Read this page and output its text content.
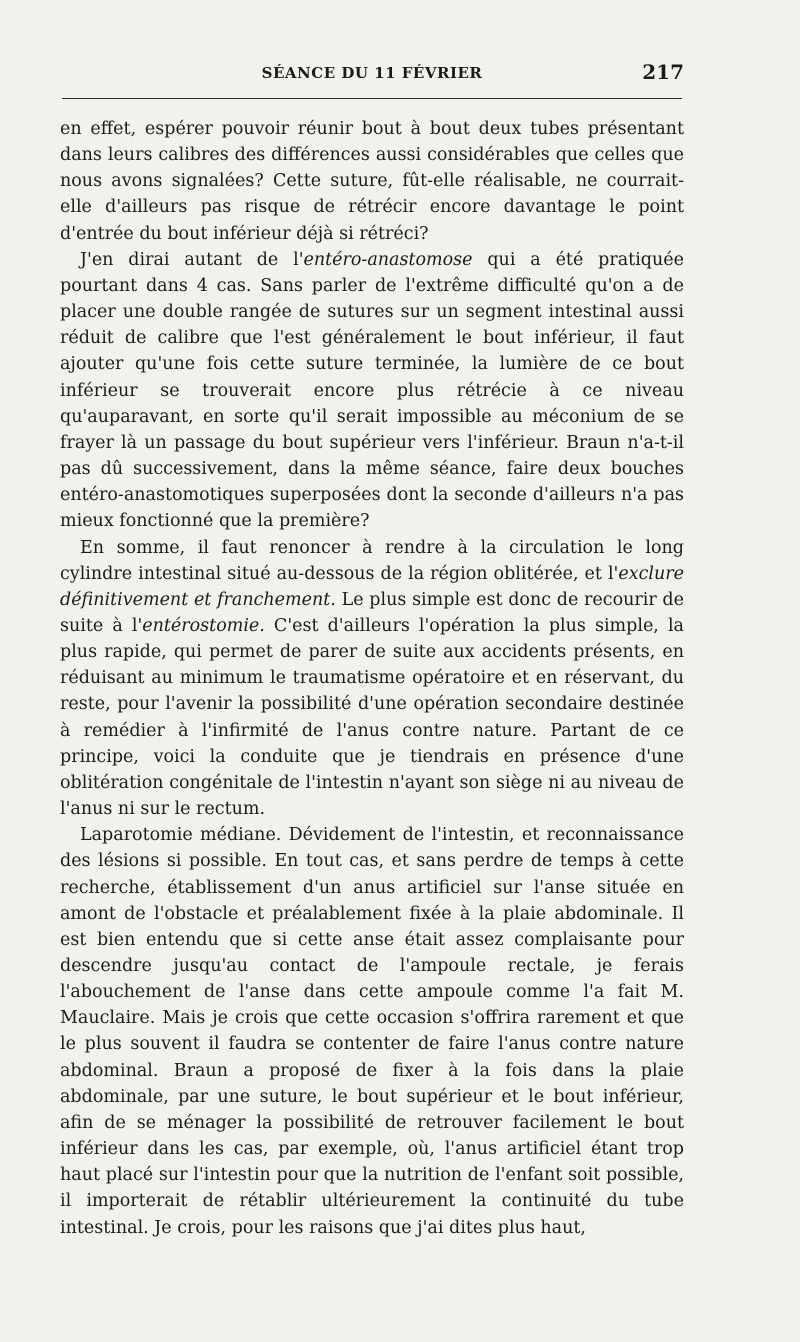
SÉANCE DU 11 FÉVRIER	217

en effet, espérer pouvoir réunir bout à bout deux tubes présentant dans leurs calibres des différences aussi considérables que celles que nous avons signalées? Cette suture, fût-elle réalisable, ne courrait-elle d'ailleurs pas risque de rétrécir encore davantage le point d'entrée du bout inférieur déjà si rétréci?

J'en dirai autant de l'entéro-anastomose qui a été pratiquée pourtant dans 4 cas. Sans parler de l'extrême difficulté qu'on a de placer une double rangée de sutures sur un segment intestinal aussi réduit de calibre que l'est généralement le bout inférieur, il faut ajouter qu'une fois cette suture terminée, la lumière de ce bout inférieur se trouverait encore plus rétrécie à ce niveau qu'auparavant, en sorte qu'il serait impossible au méconium de se frayer là un passage du bout supérieur vers l'inférieur. Braun n'a-t-il pas dû successivement, dans la même séance, faire deux bouches entéro-anastomotiques superposées dont la seconde d'ailleurs n'a pas mieux fonctionné que la première?

En somme, il faut renoncer à rendre à la circulation le long cylindre intestinal situé au-dessous de la région oblitérée, et l'exclure définitivement et franchement. Le plus simple est donc de recourir de suite à l'entérostomie. C'est d'ailleurs l'opération la plus simple, la plus rapide, qui permet de parer de suite aux accidents présents, en réduisant au minimum le traumatisme opératoire et en réservant, du reste, pour l'avenir la possibilité d'une opération secondaire destinée à remédier à l'infirmité de l'anus contre nature. Partant de ce principe, voici la conduite que je tiendrais en présence d'une oblitération congénitale de l'intestin n'ayant son siège ni au niveau de l'anus ni sur le rectum.

Laparotomie médiane. Dévidement de l'intestin, et reconnaissance des lésions si possible. En tout cas, et sans perdre de temps à cette recherche, établissement d'un anus artificiel sur l'anse située en amont de l'obstacle et préalablement fixée à la plaie abdominale. Il est bien entendu que si cette anse était assez complaisante pour descendre jusqu'au contact de l'ampoule rectale, je ferais l'abouchement de l'anse dans cette ampoule comme l'a fait M. Mauclaire. Mais je crois que cette occasion s'offrira rarement et que le plus souvent il faudra se contenter de faire l'anus contre nature abdominal. Braun a proposé de fixer à la fois dans la plaie abdominale, par une suture, le bout supérieur et le bout inférieur, afin de se ménager la possibilité de retrouver facilement le bout inférieur dans les cas, par exemple, où, l'anus artificiel étant trop haut placé sur l'intestin pour que la nutrition de l'enfant soit possible, il importerait de rétablir ultérieurement la continuité du tube intestinal. Je crois, pour les raisons que j'ai dites plus haut,
